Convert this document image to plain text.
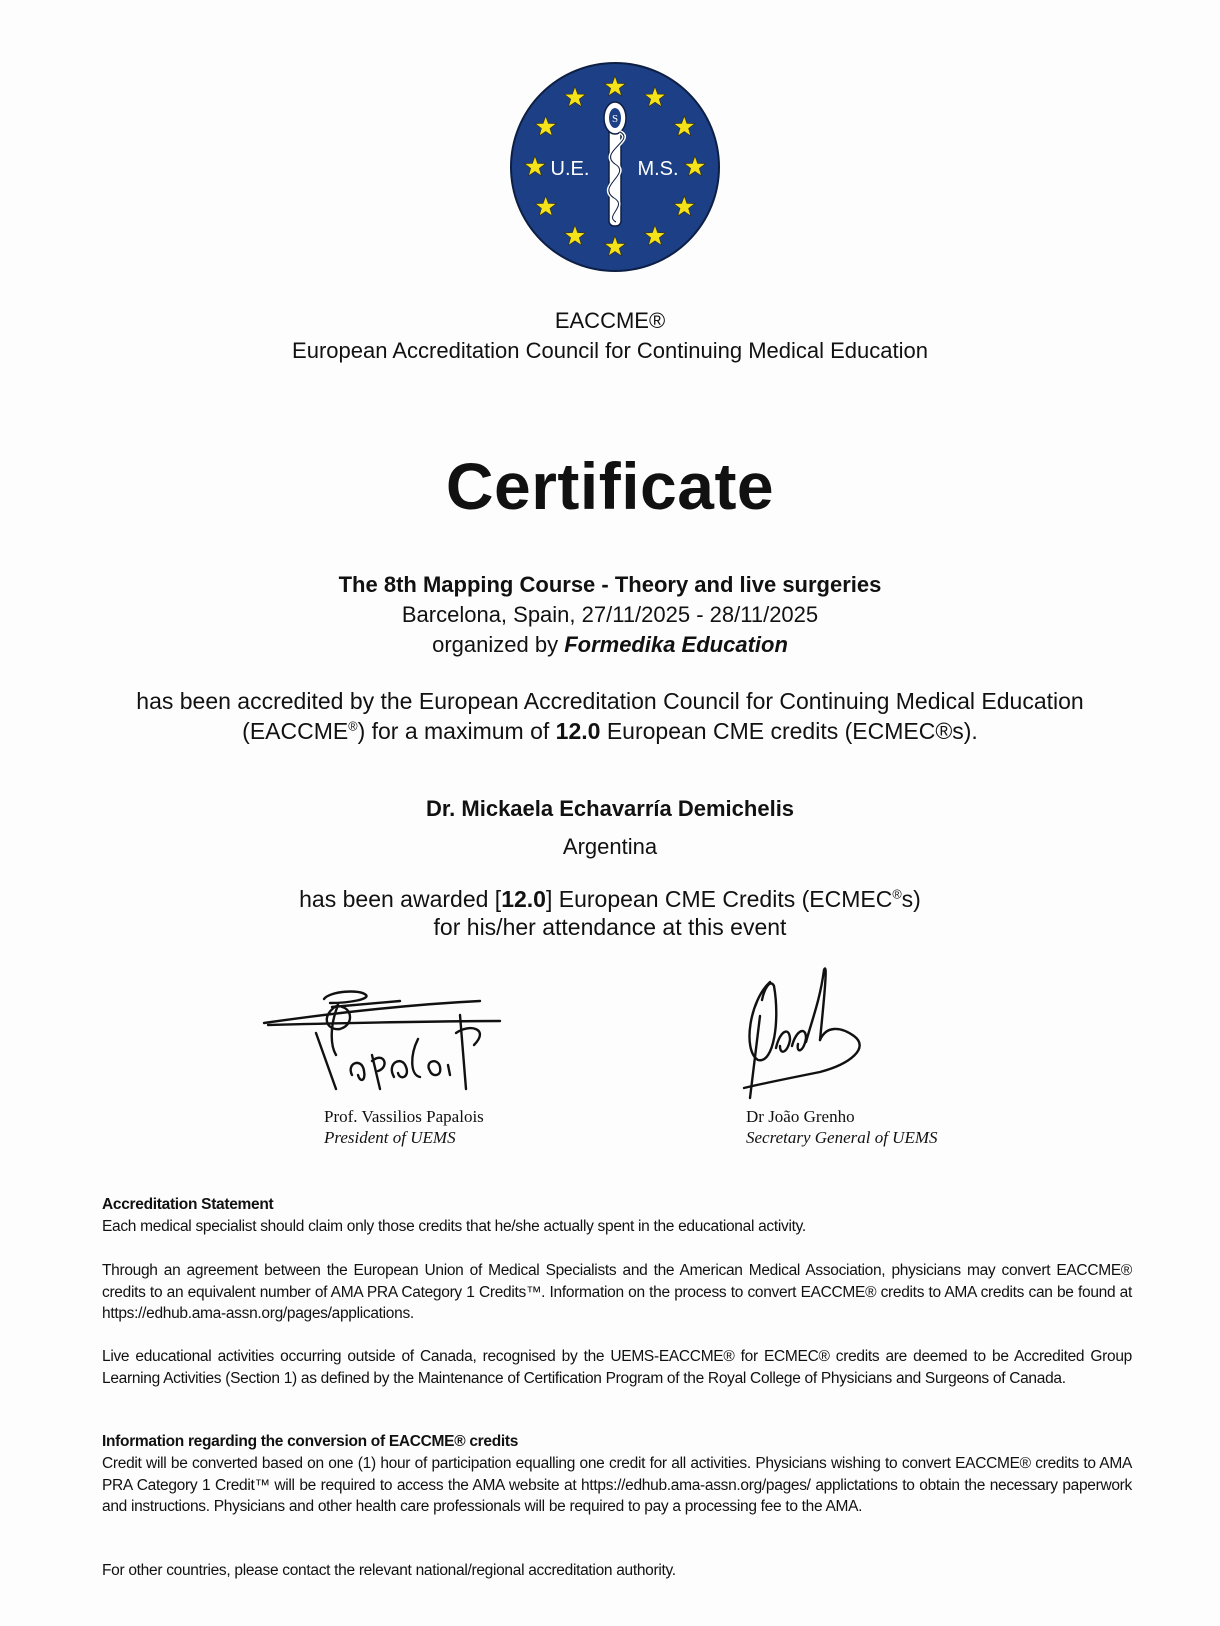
S
U.E. M.S.
EACCME®
European Accreditation Council for Continuing Medical Education
Certificate
The 8th Mapping Course - Theory and live surgeries
Barcelona, Spain, 27/11/2025 - 28/11/2025
organized by Formedika Education
has been accredited by the European Accreditation Council for Continuing Medical Education
(EACCME®) for a maximum of 12.0 European CME credits (ECMEC®s).
Dr. Mickaela Echavarría Demichelis
Argentina
has been awarded [12.0] European CME Credits (ECMEC®s)
for his/her attendance at this event
Prof. Vassilios Papalois
President of UEMS
Dr João Grenho
Secretary General of UEMS
Accreditation Statement

Each medical specialist should claim only those credits that he/she actually spent in the educational activity.

Through an agreement between the European Union of Medical Specialists and the American Medical Association, physicians may convert EACCME® credits to an equivalent number of AMA PRA Category 1 Credits™. Information on the process to convert EACCME® credits to AMA credits can be found at https://edhub.ama-assn.org/pages/applications.

Live educational activities occurring outside of Canada, recognised by the UEMS-EACCME® for ECMEC® credits are deemed to be Accredited Group Learning Activities (Section 1) as defined by the Maintenance of Certification Program of the Royal College of Physicians and Surgeons of Canada.

Information regarding the conversion of EACCME® credits

Credit will be converted based on one (1) hour of participation equalling one credit for all activities. Physicians wishing to convert EACCME® credits to AMA PRA Category 1 Credit™ will be required to access the AMA website at https://edhub.ama-assn.org/pages/ applictations to obtain the necessary paperwork and instructions. Physicians and other health care professionals will be required to pay a processing fee to the AMA.

For other countries, please contact the relevant national/regional accreditation authority.
